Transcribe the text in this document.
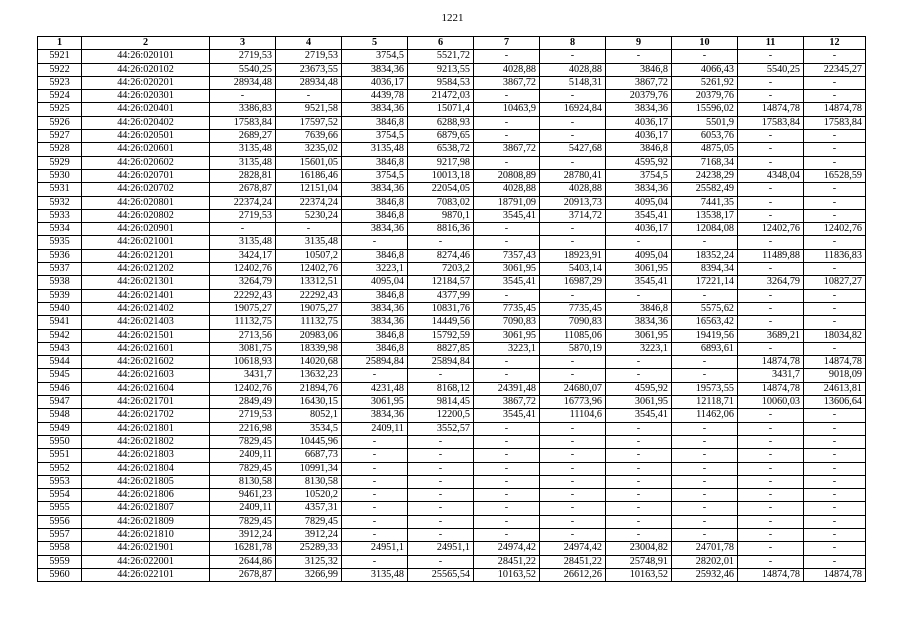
1221
1	2	3	4	5	6	7	8	9	10	11	12
5921	44:26:020101	2719,53	2719,53	3754,5	5521,72	-	-	-	-	-	-
5922	44:26:020102	5540,25	23673,55	3834,36	9213,55	4028,88	4028,88	3846,8	4066,43	5540,25	22345,27
5923	44:26:020201	28934,48	28934,48	4036,17	9584,53	3867,72	5148,31	3867,72	5261,92	-	-
5924	44:26:020301	-	-	4439,78	21472,03	-	-	20379,76	20379,76	-	-
5925	44:26:020401	3386,83	9521,58	3834,36	15071,4	10463,9	16924,84	3834,36	15596,02	14874,78	14874,78
5926	44:26:020402	17583,84	17597,52	3846,8	6288,93	-	-	4036,17	5501,9	17583,84	17583,84
5927	44:26:020501	2689,27	7639,66	3754,5	6879,65	-	-	4036,17	6053,76	-	-
5928	44:26:020601	3135,48	3235,02	3135,48	6538,72	3867,72	5427,68	3846,8	4875,05	-	-
5929	44:26:020602	3135,48	15601,05	3846,8	9217,98	-	-	4595,92	7168,34	-	-
5930	44:26:020701	2828,81	16186,46	3754,5	10013,18	20808,89	28780,41	3754,5	24238,29	4348,04	16528,59
5931	44:26:020702	2678,87	12151,04	3834,36	22054,05	4028,88	4028,88	3834,36	25582,49	-	-
5932	44:26:020801	22374,24	22374,24	3846,8	7083,02	18791,09	20913,73	4095,04	7441,35	-	-
5933	44:26:020802	2719,53	5230,24	3846,8	9870,1	3545,41	3714,72	3545,41	13538,17	-	-
5934	44:26:020901	-	-	3834,36	8816,36	-	-	4036,17	12084,08	12402,76	12402,76
5935	44:26:021001	3135,48	3135,48	-	-	-	-	-	-	-	-
5936	44:26:021201	3424,17	10507,2	3846,8	8274,46	7357,43	18923,91	4095,04	18352,24	11489,88	11836,83
5937	44:26:021202	12402,76	12402,76	3223,1	7203,2	3061,95	5403,14	3061,95	8394,34	-	-
5938	44:26:021301	3264,79	13312,51	4095,04	12184,57	3545,41	16987,29	3545,41	17221,14	3264,79	10827,27
5939	44:26:021401	22292,43	22292,43	3846,8	4377,99	-	-	-	-	-	-
5940	44:26:021402	19075,27	19075,27	3834,36	10831,76	7735,45	7735,45	3846,8	5575,62	-	-
5941	44:26:021403	11132,75	11132,75	3834,36	14449,56	7090,83	7090,83	3834,36	16563,42	-	-
5942	44:26:021501	2713,56	20983,06	3846,8	15792,59	3061,95	11085,06	3061,95	19419,56	3689,21	18034,82
5943	44:26:021601	3081,75	18339,98	3846,8	8827,85	3223,1	5870,19	3223,1	6893,61	-	-
5944	44:26:021602	10618,93	14020,68	25894,84	25894,84	-	-	-	-	14874,78	14874,78
5945	44:26:021603	3431,7	13632,23	-	-	-	-	-	-	3431,7	9018,09
5946	44:26:021604	12402,76	21894,76	4231,48	8168,12	24391,48	24680,07	4595,92	19573,55	14874,78	24613,81
5947	44:26:021701	2849,49	16430,15	3061,95	9814,45	3867,72	16773,96	3061,95	12118,71	10060,03	13606,64
5948	44:26:021702	2719,53	8052,1	3834,36	12200,5	3545,41	11104,6	3545,41	11462,06	-	-
5949	44:26:021801	2216,98	3534,5	2409,11	3552,57	-	-	-	-	-	-
5950	44:26:021802	7829,45	10445,96	-	-	-	-	-	-	-	-
5951	44:26:021803	2409,11	6687,73	-	-	-	-	-	-	-	-
5952	44:26:021804	7829,45	10991,34	-	-	-	-	-	-	-	-
5953	44:26:021805	8130,58	8130,58	-	-	-	-	-	-	-	-
5954	44:26:021806	9461,23	10520,2	-	-	-	-	-	-	-	-
5955	44:26:021807	2409,11	4357,31	-	-	-	-	-	-	-	-
5956	44:26:021809	7829,45	7829,45	-	-	-	-	-	-	-	-
5957	44:26:021810	3912,24	3912,24	-	-	-	-	-	-	-	-
5958	44:26:021901	16281,78	25289,33	24951,1	24951,1	24974,42	24974,42	23004,82	24701,78	-	-
5959	44:26:022001	2644,86	3125,32	-	-	28451,22	28451,22	25748,91	28202,01	-	-
5960	44:26:022101	2678,87	3266,99	3135,48	25565,54	10163,52	26612,26	10163,52	25932,46	14874,78	14874,78
